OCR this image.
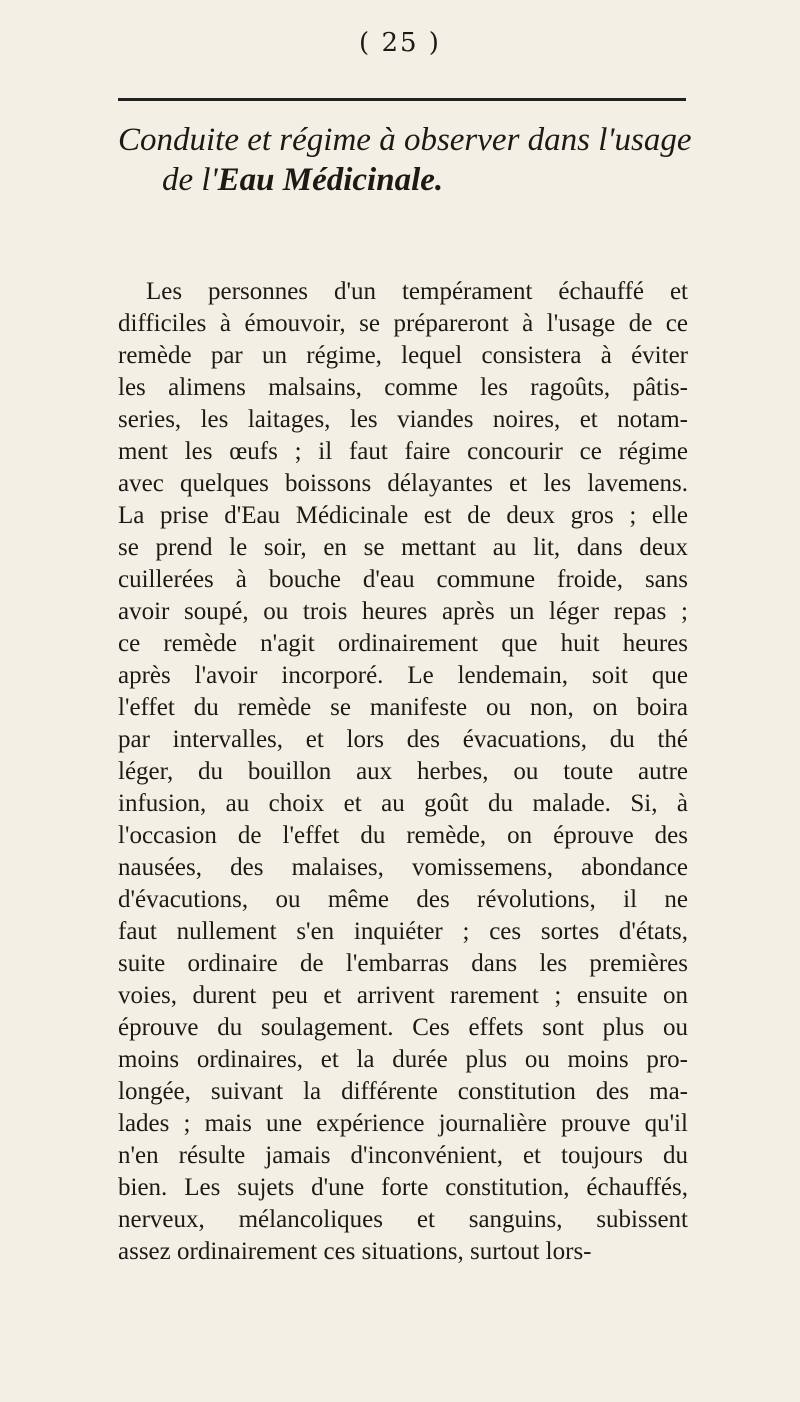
( 25 )
Conduite et régime à observer dans l'usage
de l'Eau Médicinale.
Les personnes d'un tempérament échauffé et
difficiles à émouvoir, se prépareront à l'usage de ce
remède par un régime, lequel consistera à éviter
les alimens malsains, comme les ragoûts, pâtis-
series, les laitages, les viandes noires, et notam-
ment les œufs ; il faut faire concourir ce régime
avec quelques boissons délayantes et les lavemens.
La prise d'Eau Médicinale est de deux gros ; elle
se prend le soir, en se mettant au lit, dans deux
cuillerées à bouche d'eau commune froide, sans
avoir soupé, ou trois heures après un léger repas ;
ce remède n'agit ordinairement que huit heures
après l'avoir incorporé. Le lendemain, soit que
l'effet du remède se manifeste ou non, on boira
par intervalles, et lors des évacuations, du thé
léger, du bouillon aux herbes, ou toute autre
infusion, au choix et au goût du malade. Si, à
l'occasion de l'effet du remède, on éprouve des
nausées, des malaises, vomissemens, abondance
d'évacutions, ou même des révolutions, il ne
faut nullement s'en inquiéter ; ces sortes d'états,
suite ordinaire de l'embarras dans les premières
voies, durent peu et arrivent rarement ; ensuite on
éprouve du soulagement. Ces effets sont plus ou
moins ordinaires, et la durée plus ou moins pro-
longée, suivant la différente constitution des ma-
lades ; mais une expérience journalière prouve qu'il
n'en résulte jamais d'inconvénient, et toujours du
bien. Les sujets d'une forte constitution, échauffés,
nerveux, mélancoliques et sanguins, subissent
assez ordinairement ces situations, surtout lors-
